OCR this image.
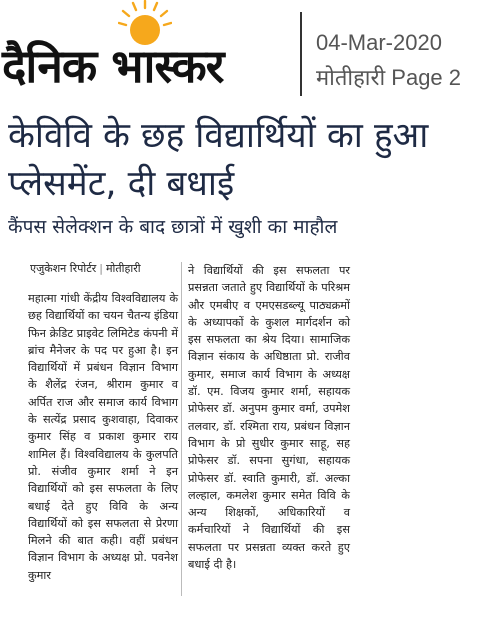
दैनिक भास्कर	04-Mar-2020
मोतीहारी Page 2
केविवि के छह विद्यार्थियों का हुआ प्लेसमेंट, दी बधाई
कैंपस सेलेक्शन के बाद छात्रों में खुशी का माहौल
एजुकेशन रिपोर्टर | मोतीहारी
महात्मा गांधी केंद्रीय विश्वविद्यालय के छह विद्यार्थियों का चयन चैतन्य इंडिया फिन क्रेडिट प्राइवेट लिमिटेड कंपनी में ब्रांच मैनेजर के पद पर हुआ है। इन विद्यार्थियों में प्रबंधन विज्ञान विभाग के शैलेंद्र रंजन, श्रीराम कुमार व अर्पित राज और समाज कार्य विभाग के सत्येंद्र प्रसाद कुशवाहा, दिवाकर कुमार सिंह व प्रकाश कुमार राय शामिल हैं। विश्वविद्यालय के कुलपति प्रो. संजीव कुमार शर्मा ने इन विद्यार्थियों को इस सफलता के लिए बधाई देते हुए विवि के अन्य विद्यार्थियों को इस सफलता से प्रेरणा मिलने की बात कही। वहीं प्रबंधन विज्ञान विभाग के अध्यक्ष प्रो. पवनेश कुमार
ने विद्यार्थियों की इस सफलता पर प्रसन्नता जताते हुए विद्यार्थियों के परिश्रम और एमबीए व एमएसडब्ल्यू पाठ्यक्रमों के अध्यापकों के कुशल मार्गदर्शन को इस सफलता का श्रेय दिया। सामाजिक विज्ञान संकाय के अधिष्ठाता प्रो. राजीव कुमार, समाज कार्य विभाग के अध्यक्ष डॉ. एम. विजय कुमार शर्मा, सहायक प्रोफेसर डॉ. अनुपम कुमार वर्मा, उपमेश तलवार, डॉ. रश्मिता राय, प्रबंधन विज्ञान विभाग के प्रो सुधीर कुमार साहू, सह प्रोफेसर डॉ. सपना सुगंधा, सहायक प्रोफेसर डॉ. स्वाति कुमारी, डॉ. अल्का लल्हाल, कमलेश कुमार समेत विवि के अन्य शिक्षकों, अधिकारियों व कर्मचारियों ने विद्यार्थियों की इस सफलता पर प्रसन्नता व्यक्त करते हुए बधाई दी है।
